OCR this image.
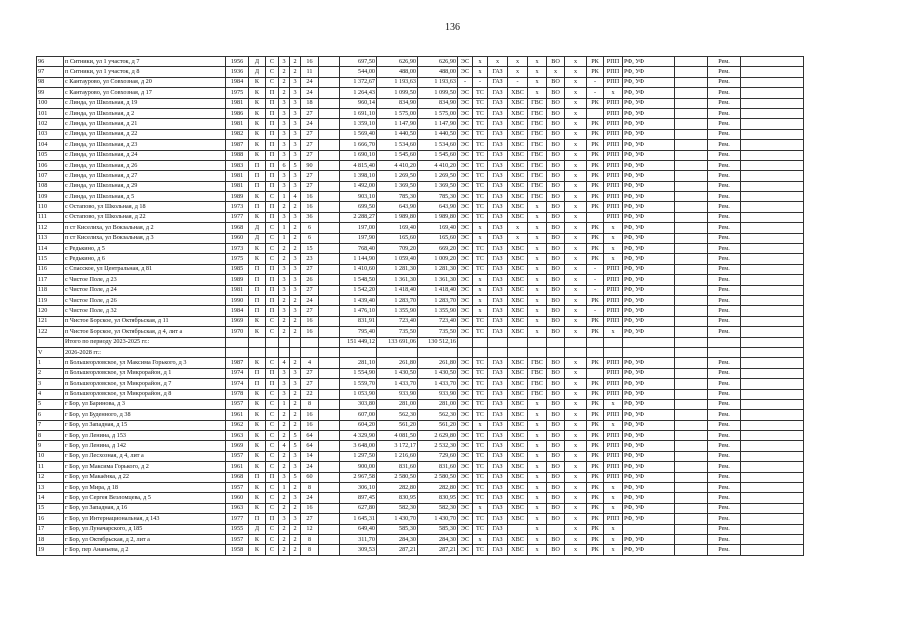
136
96	п Ситники, ул 1 участок, д 7	1956	Д	С	3	2	16		697,50	626,90	626,90	ЭС	х	х	х	х	ВО	х	РК	РПП	РФ, УФ		Рем.	
97	п Ситники, ул 1 участок, д 8	1936	Д	С	2	2	11		544,00	488,00	488,00	ЭС	х	ГАЗ	х	х	х	х	РК	РПП	РФ, УФ		Рем.	
98	с Кантаурово, ул Совхозная, д 20	1984	К	С	2	3	24		1 372,67	1 193,63	1 193,63	-	-	ГАЗ	-	х	ВО	х	-	РПП	РФ, УФ		Рем.	
99	с Кантаурово, ул Совхозная, д 17	1975	К	П	2	3	24		1 264,43	1 099,50	1 099,50	ЭС	ТС	ГАЗ	ХВС	х	ВО	х	-	х	РФ, УФ		Рем.	
100	с Линда, ул Школьная, д 19	1981	К	П	3	3	18		960,14	834,90	834,90	ЭС	ТС	ГАЗ	ХВС	ГВС	ВО	х	РК	РПП	РФ, УФ		Рем.	
101	с Линда, ул Школьная, д 2	1986	К	П	3	3	27		1 691,10	1 575,00	1 575,00	ЭС	ТС	ГАЗ	ХВС	ГВС	ВО	х		РПП	РФ, УФ		Рем.	
102	с Линда, ул Школьная, д 21	1981	К	П	3	3	24		1 359,10	1 147,90	1 147,90	ЭС	ТС	ГАЗ	ХВС	ГВС	ВО	х	РК	РПП	РФ, УФ		Рем.	
103	с Линда, ул Школьная, д 22	1982	К	П	3	3	27		1 569,40	1 440,50	1 440,50	ЭС	ТС	ГАЗ	ХВС	ГВС	ВО	х	РК	РПП	РФ, УФ		Рем.	
104	с Линда, ул Школьная, д 23	1987	К	П	3	3	27		1 666,70	1 534,60	1 534,60	ЭС	ТС	ГАЗ	ХВС	ГВС	ВО	х	РК	РПП	РФ, УФ		Рем.	
105	с Линда, ул Школьная, д 24	1988	К	П	3	3	27		1 690,10	1 545,60	1 545,60	ЭС	ТС	ГАЗ	ХВС	ГВС	ВО	х	РК	РПП	РФ, УФ		Рем.	
106	с Линда, ул Школьная, д 26	1983	П	П	6	5	90		4 815,40	4 410,20	4 410,20	ЭС	ТС	ГАЗ	ХВС	ГВС	ВО	х	РК	РПП	РФ, УФ		Рем.	
107	с Линда, ул Школьная, д 27	1981	П	П	3	3	27		1 398,10	1 269,50	1 269,50	ЭС	ТС	ГАЗ	ХВС	ГВС	ВО	х	РК	РПП	РФ, УФ		Рем.	
108	с Линда, ул Школьная, д 29	1981	П	П	3	3	27		1 492,00	1 369,50	1 369,50	ЭС	ТС	ГАЗ	ХВС	ГВС	ВО	х	РК	РПП	РФ, УФ		Рем.	
109	с Линда, ул Школьная, д 5	1989	К	С	1	4	16		903,10	785,30	785,30	ЭС	ТС	ГАЗ	ХВС	ГВС	ВО	х	РК	РПП	РФ, УФ		Рем.	
110	с Остапово, ул Школьная, д 18	1973	П	П	2	2	16		699,50	643,90	643,90	ЭС	ТС	ГАЗ	ХВС	х	ВО	х	РК	РПП	РФ, УФ		Рем.	
111	с Остапово, ул Школьная, д 22	1977	К	П	3	3	36		2 288,27	1 989,80	1 989,80	ЭС	ТС	ГАЗ	ХВС	х	ВО	х		РПП	РФ, УФ		Рем.	
112	п ст Киселиха, ул Вокзальная, д 2	1968	Д	С	1	2	6		197,00	169,40	169,40	ЭС	х	ГАЗ	х	х	ВО	х	РК	х	РФ, УФ		Рем.	
113	п ст Киселиха, ул Вокзальная, д 3	1960	Д	С	1	2	6		197,90	165,60	165,60	ЭС	х	ГАЗ	х	х	ВО	х	РК	х	РФ, УФ		Рем.	
114	с Редькино, д 5	1973	К	С	2	2	15		768,40	709,20	669,20	ЭС	ТС	ГАЗ	ХВС	х	ВО	х	РК	х	РФ, УФ		Рем.	
115	с Редькино, д 6	1975	К	С	2	3	23		1 144,90	1 059,40	1 009,20	ЭС	ТС	ГАЗ	ХВС	х	ВО	х	РК	х	РФ, УФ		Рем.	
116	с Спасское, ул Центральная, д 81	1985	П	П	3	3	27		1 410,60	1 281,30	1 281,30	ЭС	ТС	ГАЗ	ХВС	х	ВО	х	-	РПП	РФ, УФ		Рем.	
117	с Чистое Поле, д 23	1989	П	П	3	3	26		1 548,50	1 361,30	1 361,30	ЭС	х	ГАЗ	ХВС	х	ВО	х	-	РПП	РФ, УФ		Рем.	
118	с Чистое Поле, д 24	1981	П	П	3	3	27		1 542,20	1 418,40	1 418,40	ЭС	х	ГАЗ	ХВС	х	ВО	х	-	РПП	РФ, УФ		Рем.	
119	с Чистое Поле, д 26	1990	П	П	2	2	24		1 439,40	1 283,70	1 283,70	ЭС	х	ГАЗ	ХВС	х	ВО	х	РК	РПП	РФ, УФ		Рем.	
120	с Чистое Поле, д 32	1984	П	П	3	3	27		1 476,10	1 355,90	1 355,90	ЭС	х	ГАЗ	ХВС	х	ВО	х	-	РПП	РФ, УФ		Рем.	
121	п Чистое Борское, ул Октябрьская, д 11	1969	К	С	2	2	16		831,91	723,40	723,40	ЭС	ТС	ГАЗ	ХВС	х	ВО	х	РК	РПП	РФ, УФ		Рем.	
122	п Чистое Борское, ул Октябрьская, д 4, лит а	1970	К	С	2	2	16		795,40	735,50	735,50	ЭС	ТС	ГАЗ	ХВС	х	ВО	х	РК	х	РФ, УФ		Рем.	
	Итого по периоду 2023-2025 гг.:								151 449,12	133 691,06	130 512,16													
V	2026-2028 гг.:																							
1	п Большеорловское, ул Максима Горького, д 3	1987	К	С	4	2	4		281,10	261,80	261,80	ЭС	ТС	ГАЗ	ХВС	ГВС	ВО	х	РК	РПП	РФ, УФ		Рем.	
2	п Большеорловское, ул Микрорайон, д 1	1974	П	П	3	3	27		1 554,90	1 430,50	1 430,50	ЭС	ТС	ГАЗ	ХВС	ГВС	ВО	х		РПП	РФ, УФ		Рем.	
3	п Большеорловское, ул Микрорайон, д 7	1974	П	П	3	3	27		1 559,70	1 433,70	1 433,70	ЭС	ТС	ГАЗ	ХВС	ГВС	ВО	х	РК	РПП	РФ, УФ		Рем.	
4	п Большеорловское, ул Микрорайон, д 8	1978	К	С	3	2	22		1 053,90	933,90	933,90	ЭС	ТС	ГАЗ	ХВС	ГВС	ВО	х	РК	РПП	РФ, УФ		Рем.	
5	г Бор, ул Баринова, д 3	1957	К	С	1	2	8		303,80	281,00	281,00	ЭС	ТС	ГАЗ	ХВС	х	ВО	х	РК	х	РФ, УФ		Рем.	
6	г Бор, ул Буденного, д 38	1961	К	С	2	2	16		607,00	562,30	562,30	ЭС	ТС	ГАЗ	ХВС	х	ВО	х	РК	РПП	РФ, УФ		Рем.	
7	г Бор, ул Западная, д 15	1962	К	С	2	2	16		604,20	561,20	561,20	ЭС	х	ГАЗ	ХВС	х	ВО	х	РК	х	РФ, УФ		Рем.	
8	г Бор, ул Ленина, д 153	1963	К	С	2	5	64		4 329,90	4 081,50	2 629,80	ЭС	ТС	ГАЗ	ХВС	х	ВО	х	РК	РПП	РФ, УФ		Рем.	
9	г Бор, ул Ленина, д 142	1969	К	С	4	5	64		3 648,00	3 172,17	2 532,30	ЭС	ТС	ГАЗ	ХВС	х	ВО	х	РК	РПП	РФ, УФ		Рем.	
10	г Бор, ул Лесхозная, д 4, лит а	1957	К	С	2	3	14		1 297,50	1 216,60	729,60	ЭС	ТС	ГАЗ	ХВС	х	ВО	х	РК	РПП	РФ, УФ		Рем.	
11	г Бор, ул Максима Горького, д 2	1961	К	С	2	3	24		900,00	831,60	831,60	ЭС	ТС	ГАЗ	ХВС	х	ВО	х	РК	РПП	РФ, УФ		Рем.	
12	г Бор, ул Макаёнка, д 22	1968	П	П	3	5	60		2 967,58	2 580,50	2 580,50	ЭС	ТС	ГАЗ	ХВС	х	ВО	х	РК	РПП	РФ, УФ		Рем.	
13	г Бор, ул Мира, д 18	1957	К	С	1	2	8		306,10	282,80	282,80	ЭС	ТС	ГАЗ	ХВС	х	ВО	х	РК	х	РФ, УФ		Рем.	
14	г Бор, ул Сергея Веэломцева, д 5	1960	К	С	2	3	24		897,45	830,95	830,95	ЭС	ТС	ГАЗ	ХВС	х	ВО	х	РК	х	РФ, УФ		Рем.	
15	г Бор, ул Западная, д 16	1963	К	С	2	2	16		627,80	582,30	582,30	ЭС	х	ГАЗ	ХВС	х	ВО	х	РК	х	РФ, УФ		Рем.	
16	г Бор, ул Интернациональная, д 143	1977	П	П	3	3	27		1 645,31	1 430,70	1 430,70	ЭС	ТС	ГАЗ	ХВС	х	ВО	х	РК	РПП	РФ, УФ		Рем.	
17	г Бор, ул Луначарского, д 185	1955	Д	С	2	2	12		649,40	585,30	585,30	ЭС	ТС	ГАЗ		х		х	РК	х			Рем.	
18	г Бор, ул Октябрьская, д 2, лит а	1957	К	С	2	2	8		311,70	284,30	284,30	ЭС	х	ГАЗ	ХВС	х	ВО	х	РК	х	РФ, УФ		Рем.	
19	г Бор, пер Ананьева, д 2	1958	К	С	2	2	8		309,53	287,21	287,21	ЭС	ТС	ГАЗ	ХВС	х	ВО	х	РК	х	РФ, УФ		Рем.	
